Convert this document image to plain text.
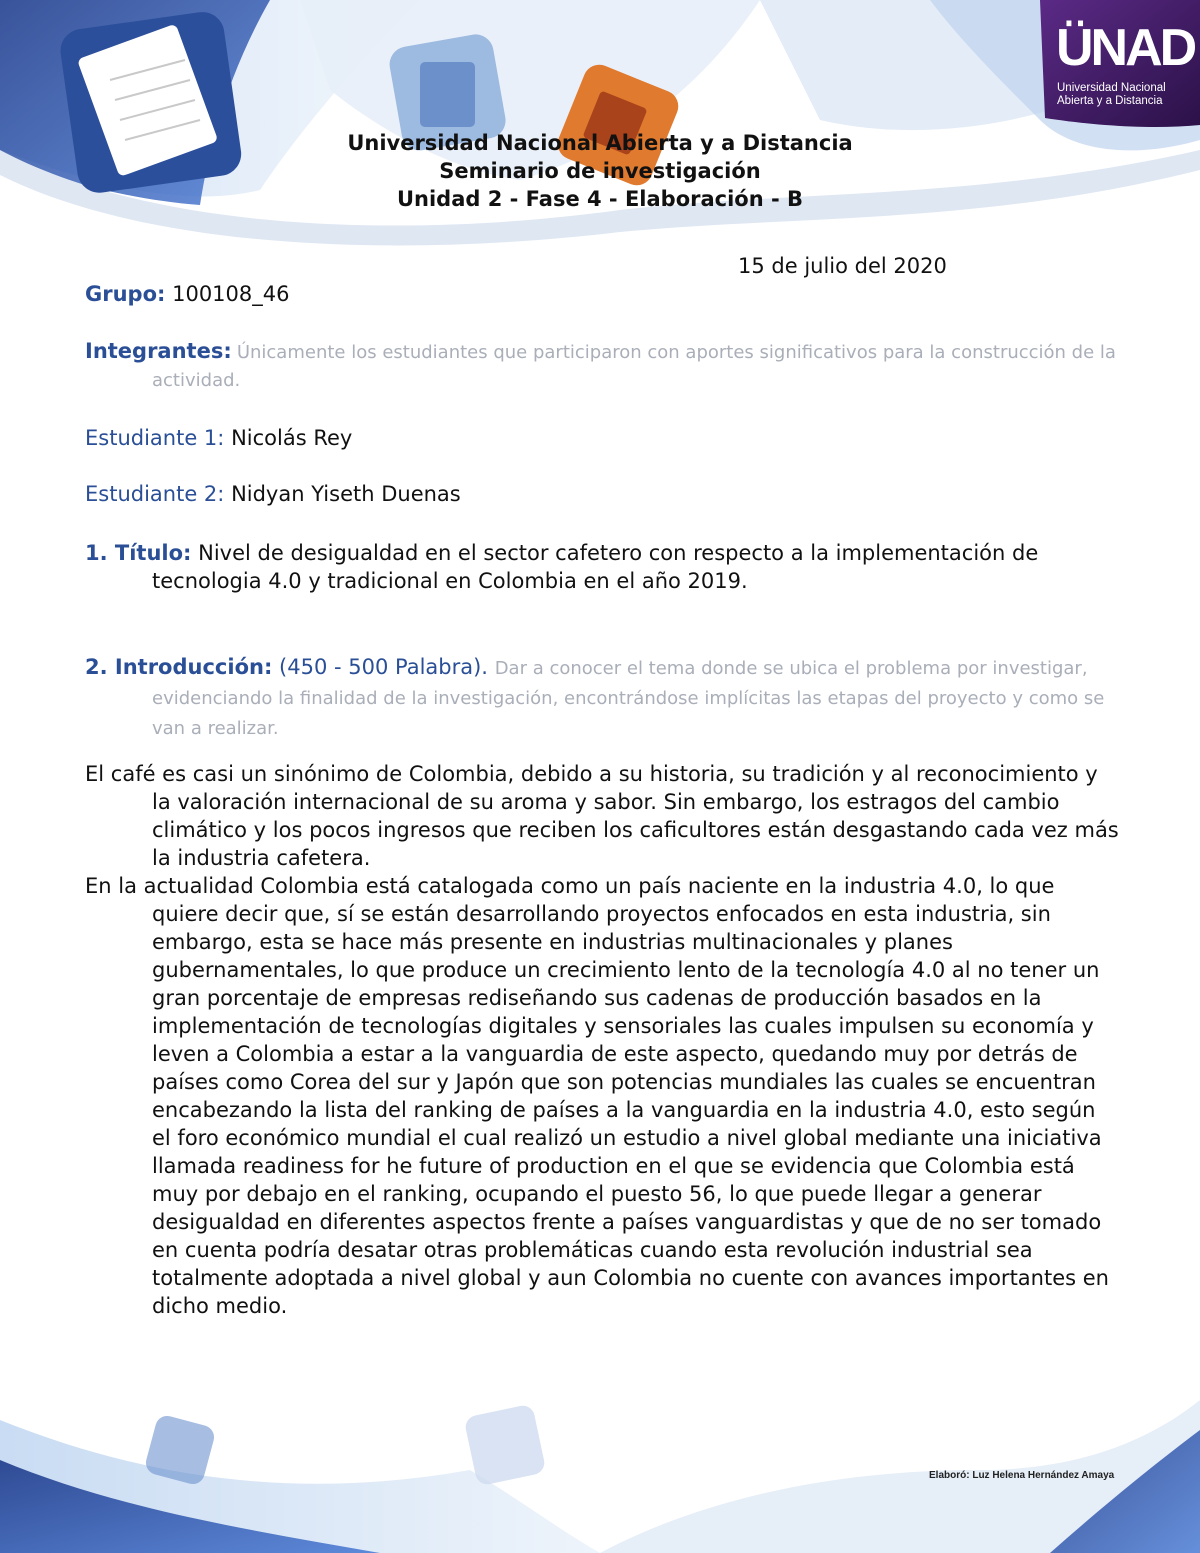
ÜNAD
Universidad Nacional
Abierta y a Distancia
Universidad Nacional Abierta y a Distancia
Seminario de investigación
Unidad 2 - Fase 4 - Elaboración - B
15 de julio del 2020
Grupo: 100108_46

Integrantes: Únicamente los estudiantes que participaron con aportes significativos para la construcción de la actividad.

Estudiante 1: Nicolás Rey
Estudiante 2: Nidyan Yiseth Duenas

1. Título: Nivel de desigualdad en el sector cafetero con respecto a la implementación de tecnologia 4.0 y tradicional en Colombia en el año 2019.

2. Introducción: (450 - 500 Palabra). Dar a conocer el tema donde se ubica el problema por investigar, evidenciando la finalidad de la investigación, encontrándose implícitas las etapas del proyecto y como se van a realizar.

El café es casi un sinónimo de Colombia, debido a su historia, su tradición y al reconocimiento y la valoración internacional de su aroma y sabor. Sin embargo, los estragos del cambio climático y los pocos ingresos que reciben los caficultores están desgastando cada vez más la industria cafetera.

En la actualidad Colombia está catalogada como un país naciente en la industria 4.0, lo que quiere decir que, sí se están desarrollando proyectos enfocados en esta industria, sin embargo, esta se hace más presente en industrias multinacionales y planes gubernamentales, lo que produce un crecimiento lento de la tecnología 4.0 al no tener un gran porcentaje de empresas rediseñando sus cadenas de producción basados en la implementación de tecnologías digitales y sensoriales las cuales impulsen su economía y leven a Colombia a estar a la vanguardia de este aspecto, quedando muy por detrás de países como Corea del sur y Japón que son potencias mundiales las cuales se encuentran encabezando la lista del ranking de países a la vanguardia en la industria 4.0, esto según el foro económico mundial el cual realizó un estudio a nivel global mediante una iniciativa llamada readiness for he future of production en el que se evidencia que Colombia está muy por debajo en el ranking, ocupando el puesto 56, lo que puede llegar a generar desigualdad en diferentes aspectos frente a países vanguardistas y que de no ser tomado en cuenta podría desatar otras problemáticas cuando esta revolución industrial sea totalmente adoptada a nivel global y aun Colombia no cuente con avances importantes en dicho medio.

Elaboró: Luz Helena Hernández Amaya
